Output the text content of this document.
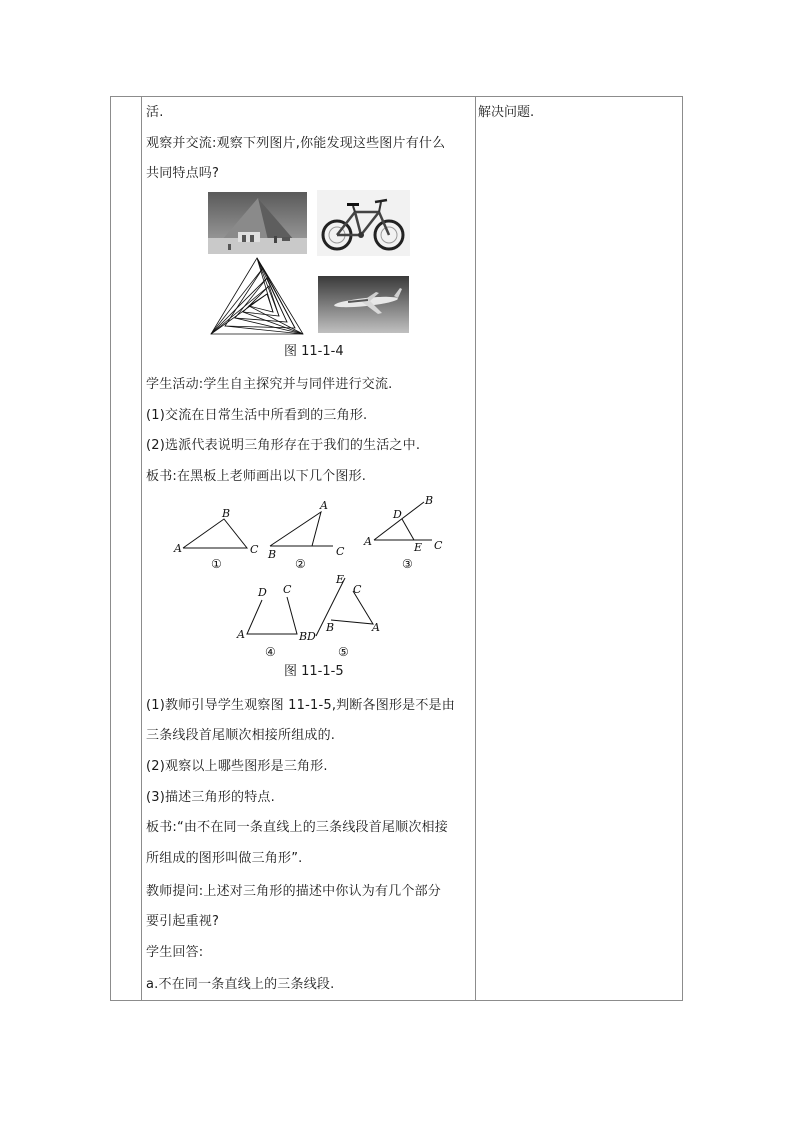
活.
观察并交流:观察下列图片,你能发现这些图片有什么
共同特点吗?
图 11-1-4
学生活动:学生自主探究并与同伴进行交流.
(1)交流在日常生活中所看到的三角形.
(2)选派代表说明三角形存在于我们的生活之中.
板书:在黑板上老师画出以下几个图形.
A
B
C
A
B	C
A
B
C
D
E
A	B D
C
D
A
B
C
E
①	②	③
④	⑤
图 11-1-5
(1)教师引导学生观察图 11-1-5,判断各图形是不是由
三条线段首尾顺次相接所组成的.
(2)观察以上哪些图形是三角形.
(3)描述三角形的特点.
板书:“由不在同一条直线上的三条线段首尾顺次相接
所组成的图形叫做三角形”.
教师提问:上述对三角形的描述中你认为有几个部分
要引起重视?
学生回答:
a.不在同一条直线上的三条线段.
解决问题.
